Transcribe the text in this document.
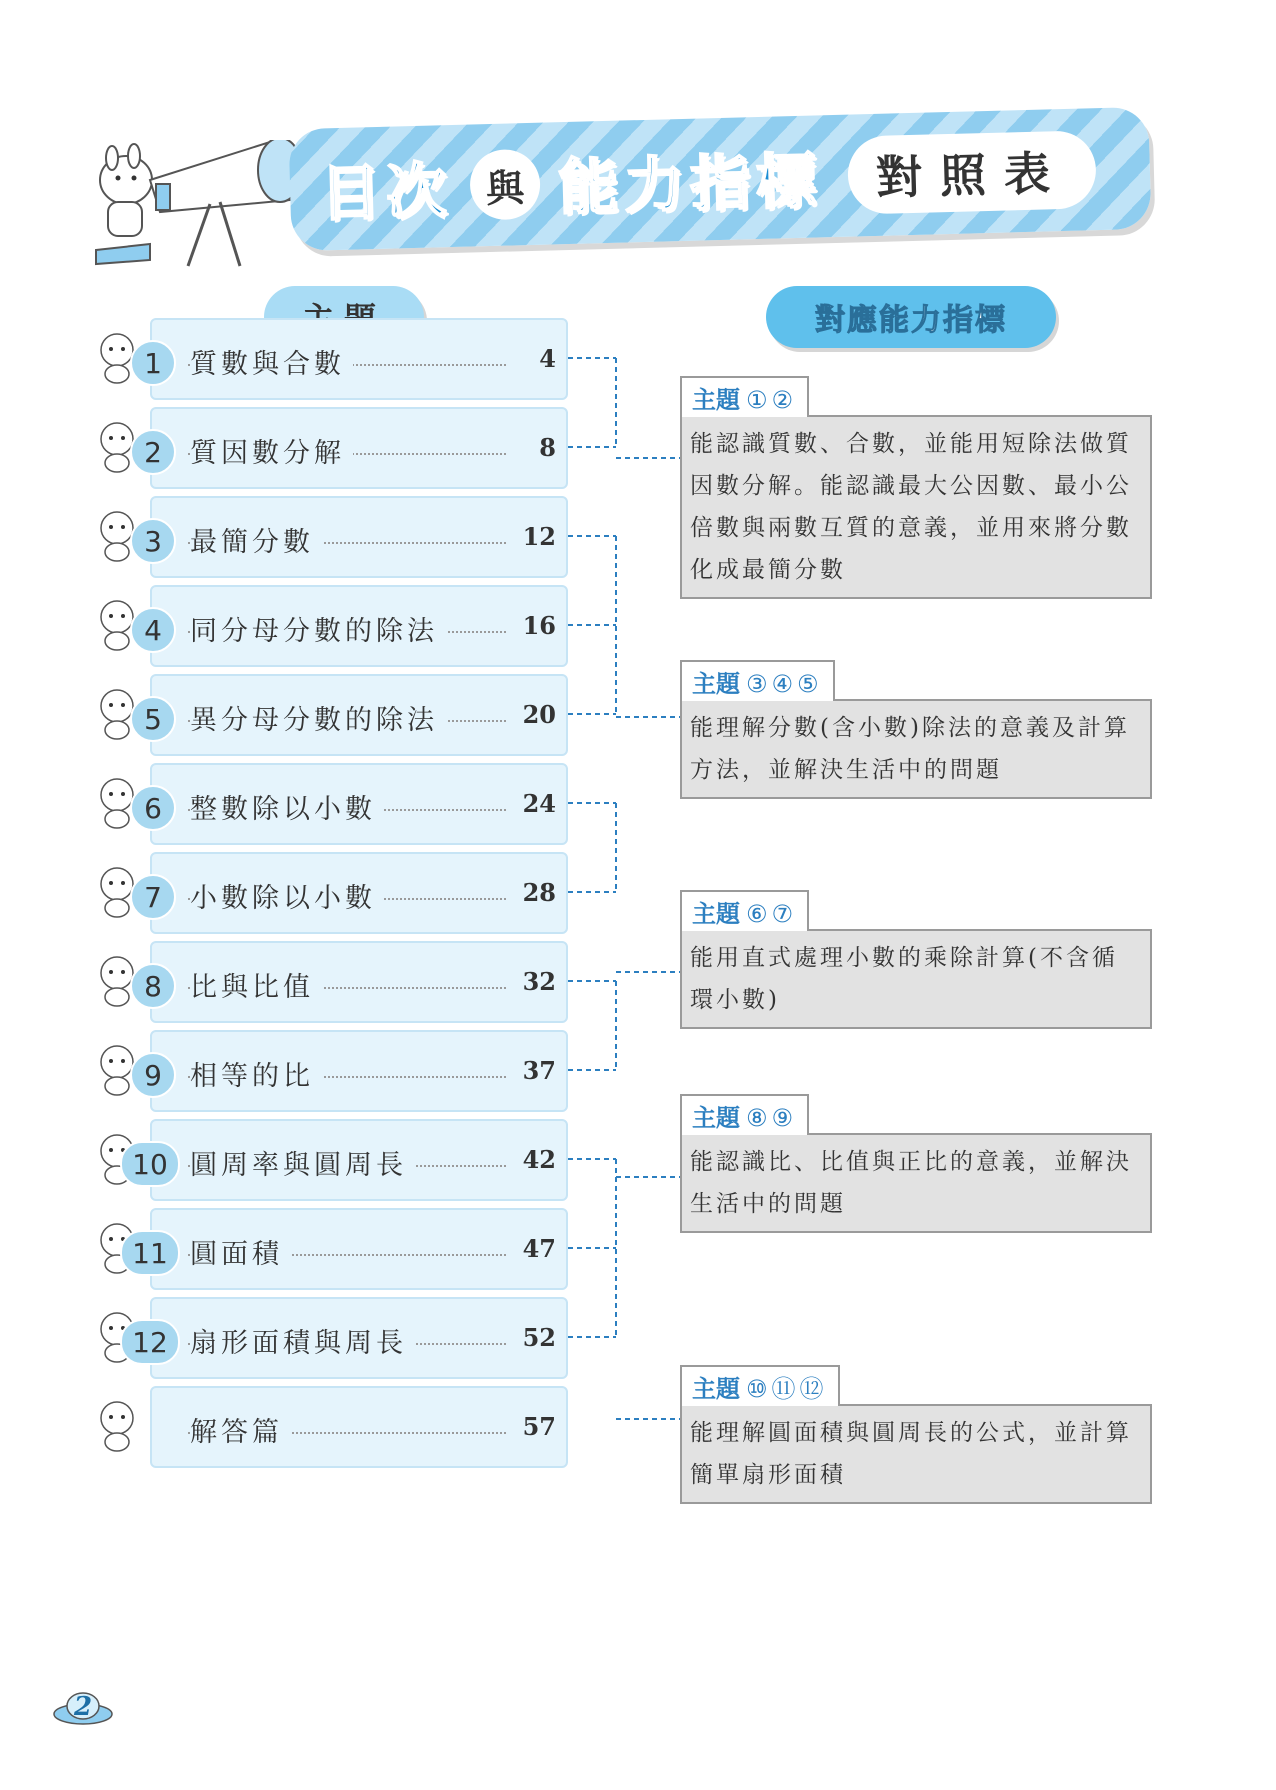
目次 與 能力指標	對照表
對應能力指標
1	質數與合數	4
2	質因數分解	8
3	最簡分數	12
4	同分母分數的除法	16
5	異分母分數的除法	20
6	整數除以小數	24
7	小數除以小數	28
8	比與比值	32
9	相等的比	37
10 圓周率與圓周長	42
11 圓面積	47
12 扇形面積與周長	52
解答篇	57
主題 ①②
能認識質數、合數，並能用短除法做質因數分解。能認識最大公因數、最小公倍數與兩數互質的意義，並用來將分數化成最簡分數
主題 ③④⑤
能理解分數(含小數)除法的意義及計算方法，並解決生活中的問題
主題 ⑥⑦
能用直式處理小數的乘除計算(不含循環小數)
主題 ⑧⑨
能認識比、比值與正比的意義，並解決生活中的問題
主題 ⑩⑪⑫
能理解圓面積與圓周長的公式，並計算簡單扇形面積
2
